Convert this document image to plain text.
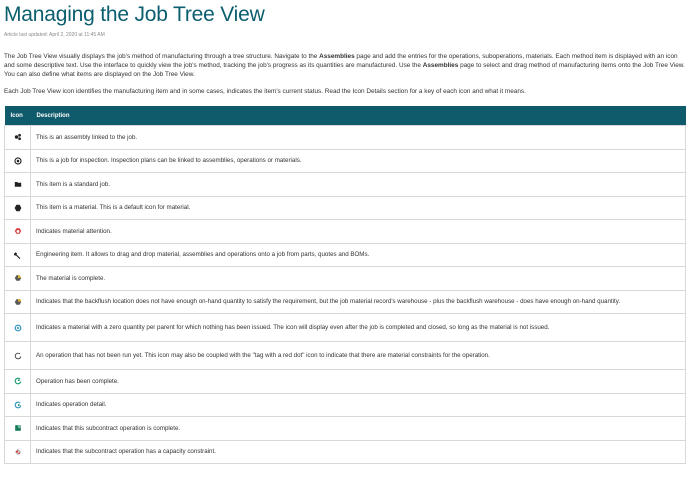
Managing the Job Tree View
Article last updated: April 2, 2020 at 11:45 AM

The Job Tree View visually displays the job's method of manufacturing through a tree structure. Navigate to the Assemblies page and add the entries for the operations, suboperations, materials. Each method item is displayed with an icon and some descriptive text. Use the interface to quickly view the job's method, tracking the job's progress as its quantities are manufactured. Use the Assemblies page to select and drag method of manufacturing items onto the Job Tree View. You can also define what items are displayed on the Job Tree View.

Each Job Tree View icon identifies the manufacturing item and in some cases, indicates the item's current status. Read the Icon Details section for a key of each icon and what it means.

Icon	Description

	This is an assembly linked to the job.

	This is a job for inspection. Inspection plans can be linked to assemblies, operations or materials.

	This item is a standard job.

	This item is a material. This is a default icon for material.

	Indicates material attention.

	Engineering item. It allows to drag and drop material, assemblies and operations onto a job from parts, quotes and BOMs.

	The material is complete.

	Indicates that the backflush location does not have enough on-hand quantity to satisfy the requirement, but the job material record's warehouse - plus the backflush warehouse - does have enough on-hand quantity.

	Indicates a material with a zero quantity per parent for which nothing has been issued. The icon will display even after the job is completed and closed, so long as the material is not issued.

	An operation that has not been run yet. This icon may also be coupled with the "tag with a red dot" icon to indicate that there are material constraints for the operation.

	Operation has been complete.

	Indicates operation detail.

	Indicates that this subcontract operation is complete.

	Indicates that the subcontract operation has a capacity constraint.
